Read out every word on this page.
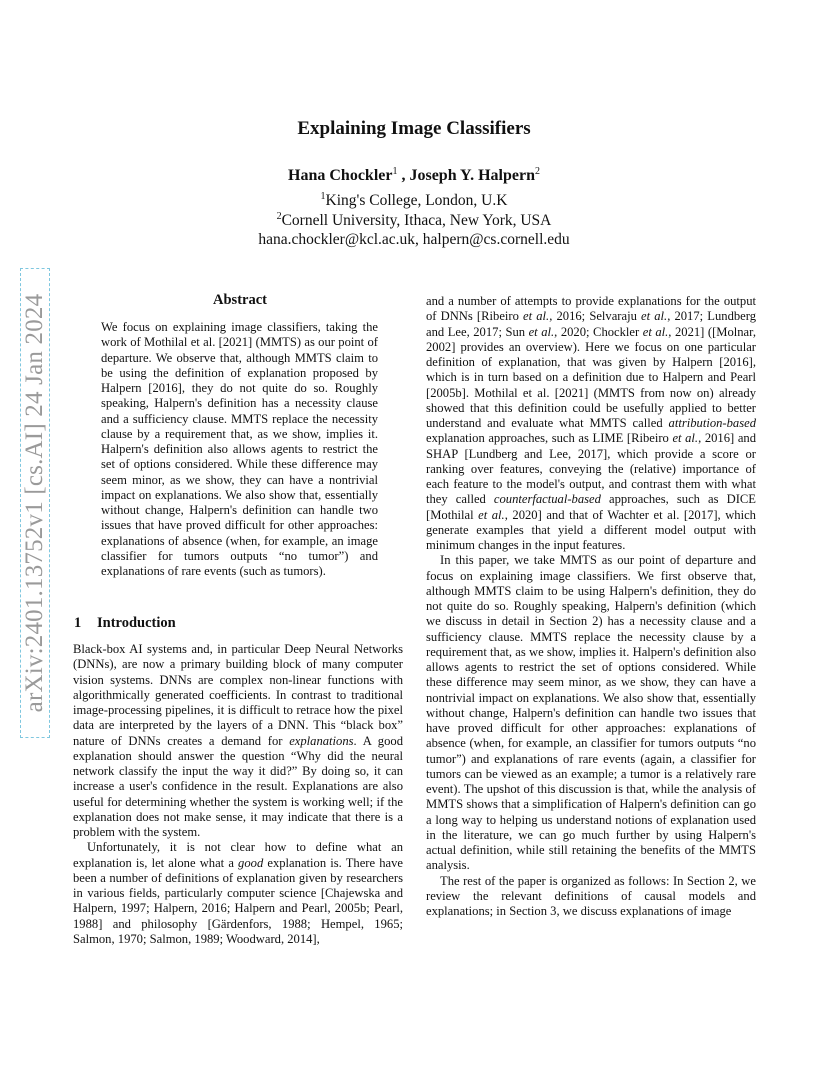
arXiv:2401.13752v1 [cs.AI] 24 Jan 2024
Explaining Image Classifiers
Hana Chockler$^1$ , Joseph Y. Halpern$^2$
$^1$King's College, London, U.K
$^2$Cornell University, Ithaca, New York, USA
hana.chockler@kcl.ac.uk, halpern@cs.cornell.edu
Abstract

We focus on explaining image classifiers, taking the work of Mothilal et al. [2021] (MMTS) as our point of departure. We observe that, although MMTS claim to be using the definition of explanation proposed by Halpern [2016], they do not quite do so. Roughly speaking, Halpern's definition has a necessity clause and a sufficiency clause. MMTS replace the necessity clause by a requirement that, as we show, implies it. Halpern's definition also allows agents to restrict the set of options considered. While these difference may seem minor, as we show, they can have a nontrivial impact on explanations. We also show that, essentially without change, Halpern's definition can handle two issues that have proved difficult for other approaches: explanations of absence (when, for example, an image classifier for tumors outputs “no tumor”) and explanations of rare events (such as tumors).

1 Introduction

Black-box AI systems and, in particular Deep Neural Networks (DNNs), are now a primary building block of many computer vision systems. DNNs are complex non-linear functions with algorithmically generated coefficients. In contrast to traditional image-processing pipelines, it is difficult to retrace how the pixel data are interpreted by the layers of a DNN. This “black box” nature of DNNs creates a demand for explanations. A good explanation should answer the question “Why did the neural network classify the input the way it did?” By doing so, it can increase a user's confidence in the result. Explanations are also useful for determining whether the system is working well; if the explanation does not make sense, it may indicate that there is a problem with the system.

Unfortunately, it is not clear how to define what an explanation is, let alone what a good explanation is. There have been a number of definitions of explanation given by researchers in various fields, particularly computer science [Chajewska and Halpern, 1997; Halpern, 2016; Halpern and Pearl, 2005b; Pearl, 1988] and philosophy [Gärdenfors, 1988; Hempel, 1965; Salmon, 1970; Salmon, 1989; Woodward, 2014],

and a number of attempts to provide explanations for the output of DNNs [Ribeiro et al., 2016; Selvaraju et al., 2017; Lundberg and Lee, 2017; Sun et al., 2020; Chockler et al., 2021] ([Molnar, 2002] provides an overview). Here we focus on one particular definition of explanation, that was given by Halpern [2016], which is in turn based on a definition due to Halpern and Pearl [2005b]. Mothilal et al. [2021] (MMTS from now on) already showed that this definition could be usefully applied to better understand and evaluate what MMTS called attribution-based explanation approaches, such as LIME [Ribeiro et al., 2016] and SHAP [Lundberg and Lee, 2017], which provide a score or ranking over features, conveying the (relative) importance of each feature to the model's output, and contrast them with what they called counterfactual-based approaches, such as DICE [Mothilal et al., 2020] and that of Wachter et al. [2017], which generate examples that yield a different model output with minimum changes in the input features.

In this paper, we take MMTS as our point of departure and focus on explaining image classifiers. We first observe that, although MMTS claim to be using Halpern's definition, they do not quite do so. Roughly speaking, Halpern's definition (which we discuss in detail in Section 2) has a necessity clause and a sufficiency clause. MMTS replace the necessity clause by a requirement that, as we show, implies it. Halpern's definition also allows agents to restrict the set of options considered. While these difference may seem minor, as we show, they can have a nontrivial impact on explanations. We also show that, essentially without change, Halpern's definition can handle two issues that have proved difficult for other approaches: explanations of absence (when, for example, an classifier for tumors outputs “no tumor”) and explanations of rare events (again, a classifier for tumors can be viewed as an example; a tumor is a relatively rare event). The upshot of this discussion is that, while the analysis of MMTS shows that a simplification of Halpern's definition can go a long way to helping us understand notions of explanation used in the literature, we can go much further by using Halpern's actual definition, while still retaining the benefits of the MMTS analysis.

The rest of the paper is organized as follows: In Section 2, we review the relevant definitions of causal models and explanations; in Section 3, we discuss explanations of image
